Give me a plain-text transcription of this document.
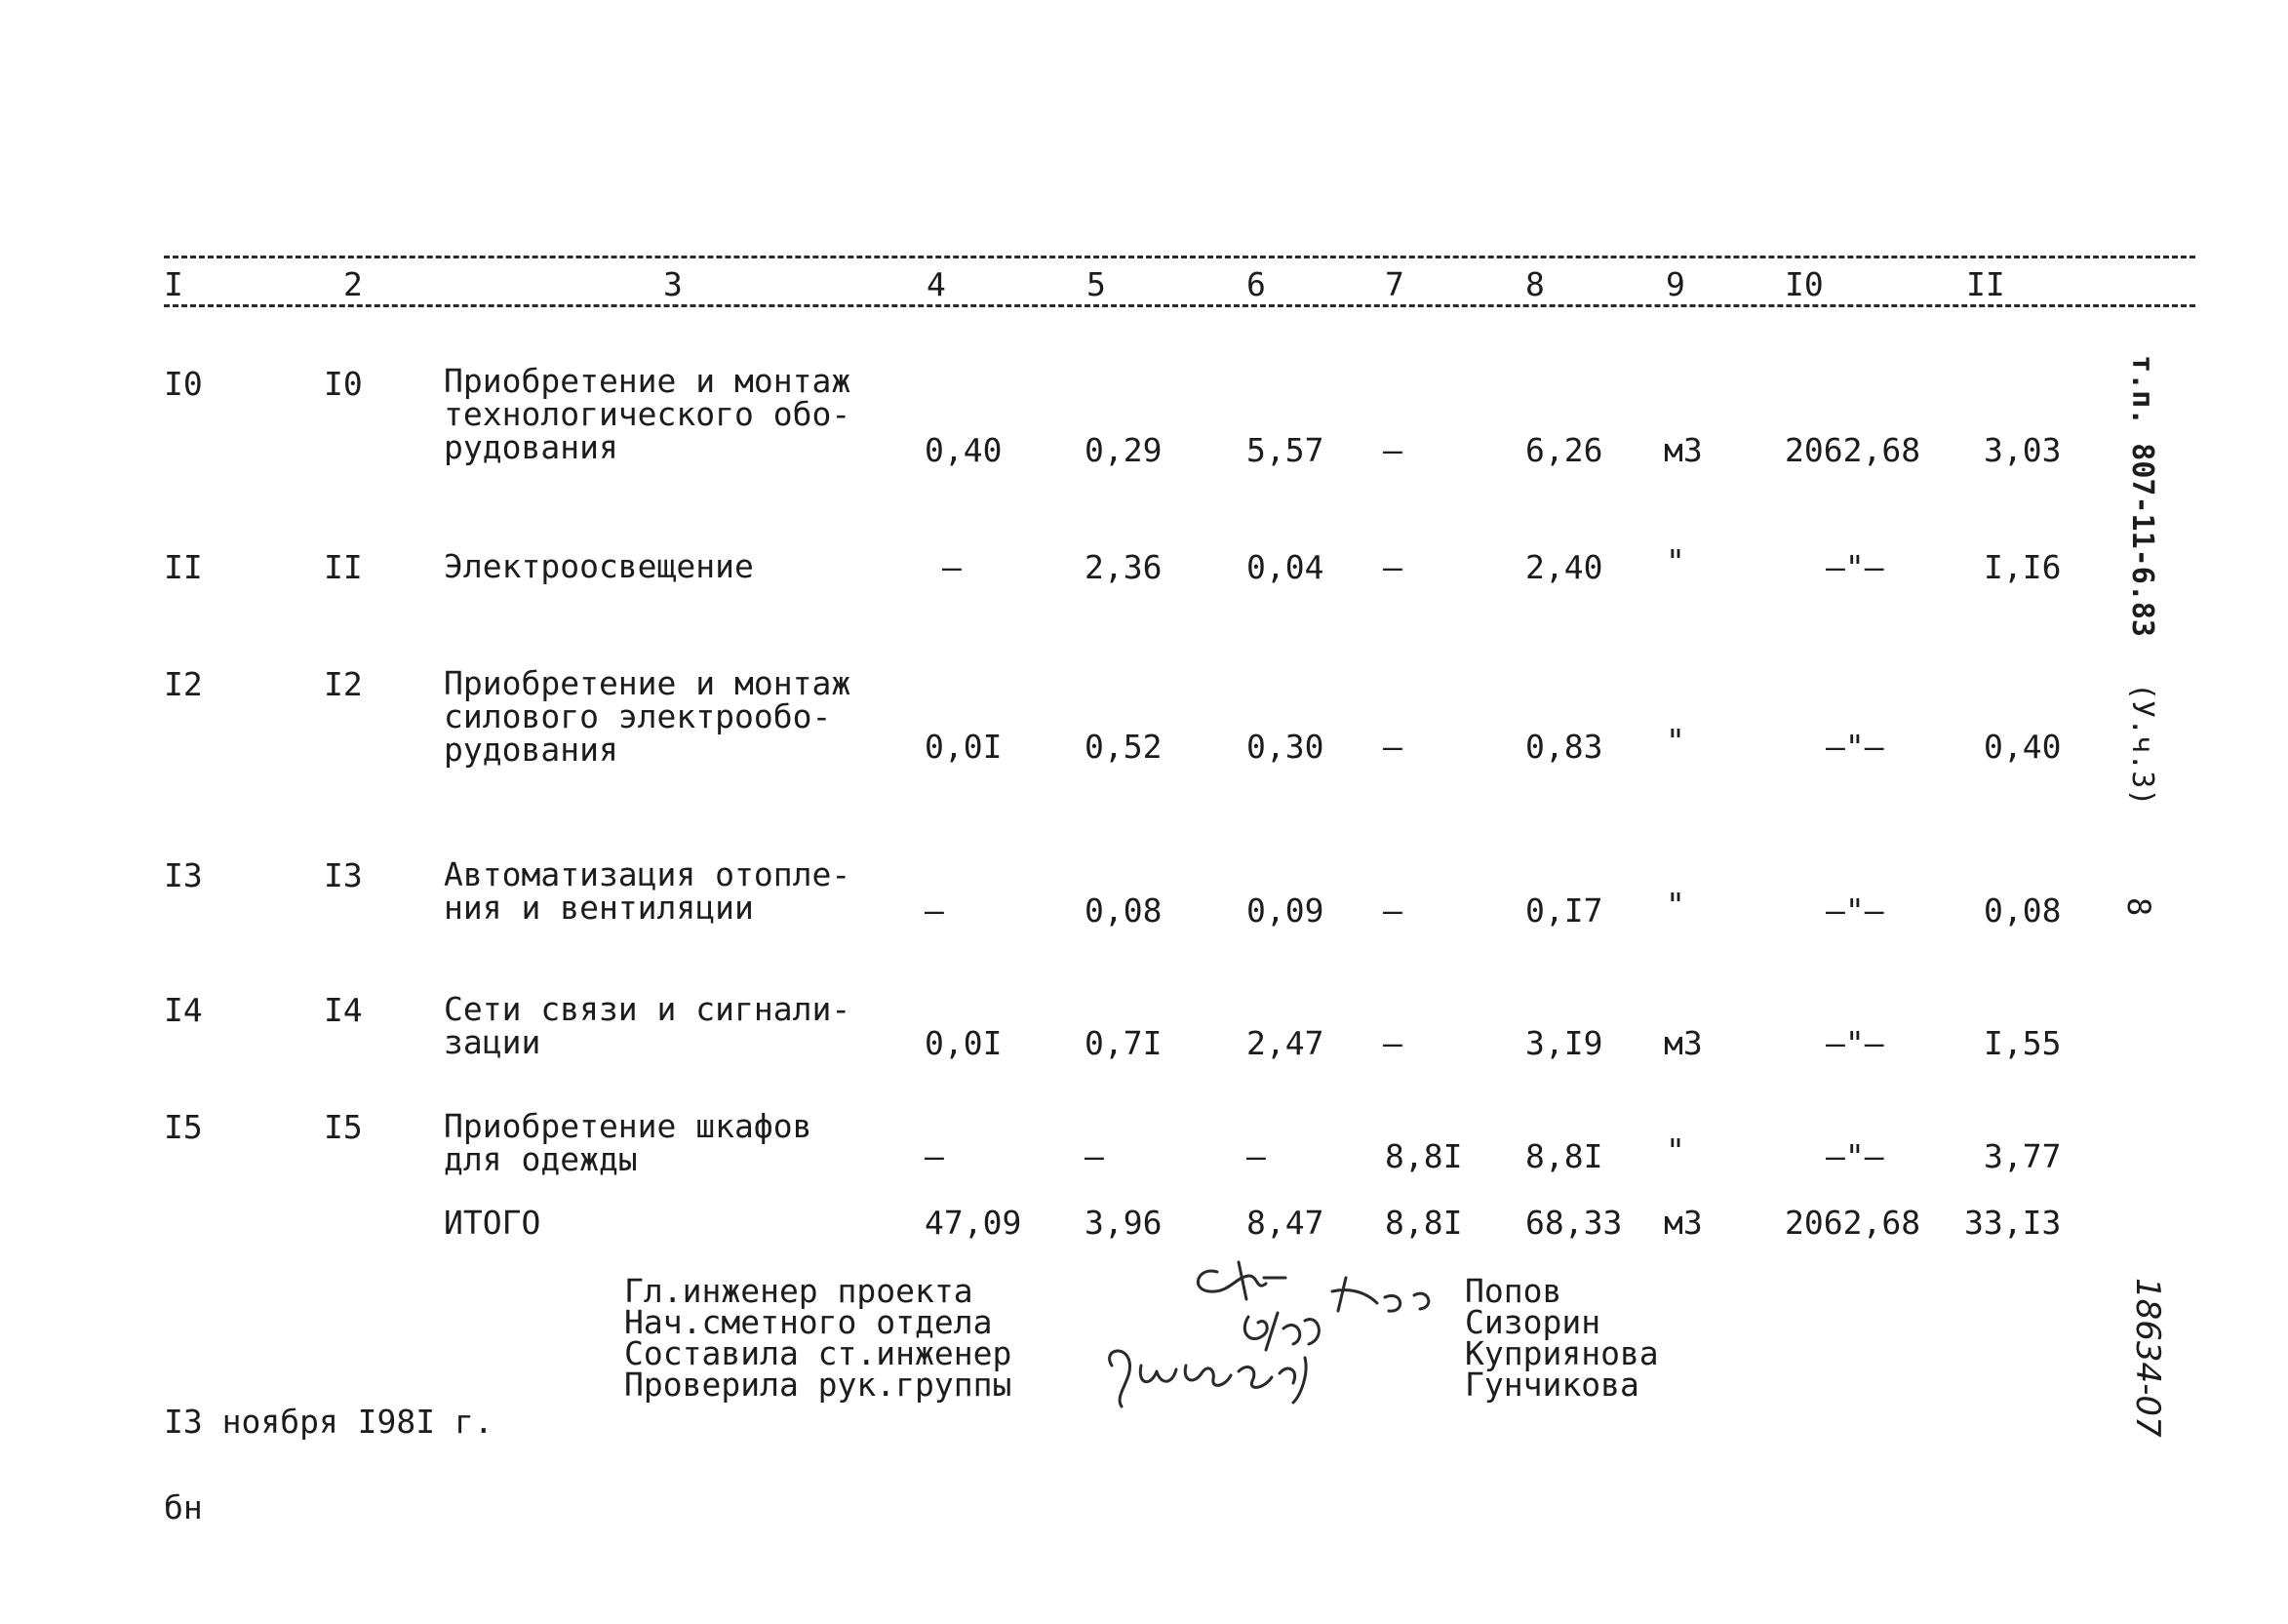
I	2	3	4	5	6	7	8	9	I0	II
I0	I0	Приобретение и монтаж
технологического обо-
рудования	0,40	0,29	5,57 –	6,26 м3	2062,68 3,03
II	II	Электроосвещение	–	2,36	0,04 –	2,40 "	–"–	I,I6
I2	I2	Приобретение и монтаж
силового электрообо-
рудования	0,0I	0,52	0,30 –	0,83 "	–"–	0,40
I3	I3	Автоматизация отопле-
ния и вентиляции	–	0,08	0,09 –	0,I7 "	–"–	0,08
I4	I4	Сети связи и сигнали-
зации	0,0I	0,7I	2,47 –	3,I9 м3	–"–	I,55
I5	I5	Приобретение шкафов
для одежды	–	–	–	8,8I 8,8I "	–"–	3,77
ИТОГО	47,09 3,96	8,47 8,8I 68,33 м3	2062,68 33,I3
Гл.инженер проекта
Нач.сметного отдела
Составила ст.инженер
Проверила рук.группы
Попов
Сизорин
Куприянова
Гунчикова
I3 ноября I98I г.
бн
т.п. 807-11-6.83
(У.ч.3)
8
18634-07
